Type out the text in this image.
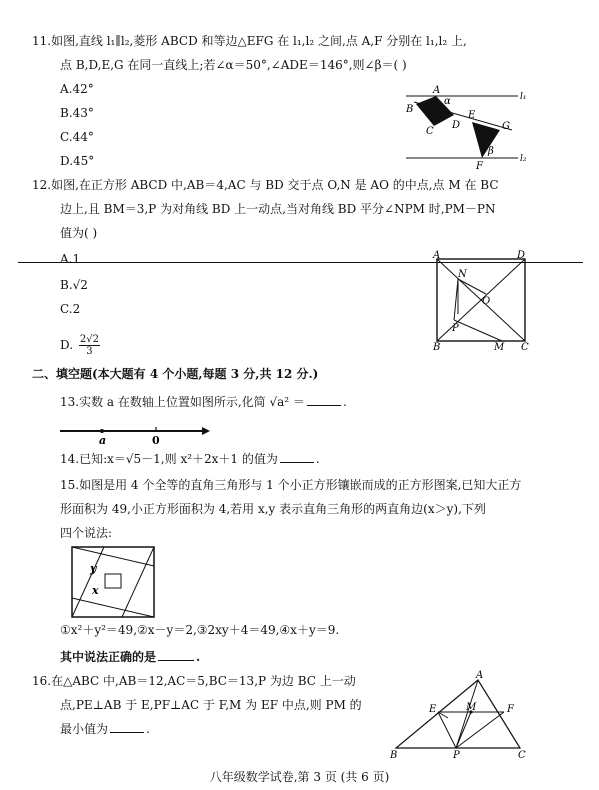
11.如图,直线 l₁∥l₂,菱形 ABCD 和等边△EFG 在 l₁,l₂ 之间,点 A,F 分别在 l₁,l₂ 上,
点 B,D,E,G 在同一直线上;若∠α＝50°,∠ADE＝146°,则∠β＝( )
A.42°
B.43°
C.44°
D.45°
A
α
B
C
D
E
G
β
F
l₁
l₂
12.如图,在正方形 ABCD 中,AB＝4,AC 与 BD 交于点 O,N 是 AO 的中点,点 M 在 BC
边上,且 BM＝3,P 为对角线 BD 上一动点,当对角线 BD 平分∠NPM 时,PM－PN
值为( )
A.1
B.√2
C.2
D. $\frac{2√2}{3}$
A	D
N
O
P
B	M C
二、填空题(本大题有 4 个小题,每题 3 分,共 12 分.)
13.实数 a 在数轴上位置如图所示,化简 √a² ＝	.
a	0
14.已知:x＝√5－1,则 x²＋2x＋1 的值为	.
15.如图是用 4 个全等的直角三角形与 1 个小正方形镶嵌而成的正方形图案,已知大正方
形面积为 49,小正方形面积为 4,若用 x,y 表示直角三角形的两直角边(x＞y),下列
四个说法:
y
x
①x²＋y²＝49,②x－y＝2,③2xy＋4＝49,④x＋y＝9.
其中说法正确的是	.
16.在△ABC 中,AB＝12,AC＝5,BC＝13,P 为边 BC 上一动
点,PE⊥AB 于 E,PF⊥AC 于 F,M 为 EF 中点,则 PM 的
最小值为	.
A
E	M	F
B	P	C
八年级数学试卷,第 3 页 (共 6 页)
